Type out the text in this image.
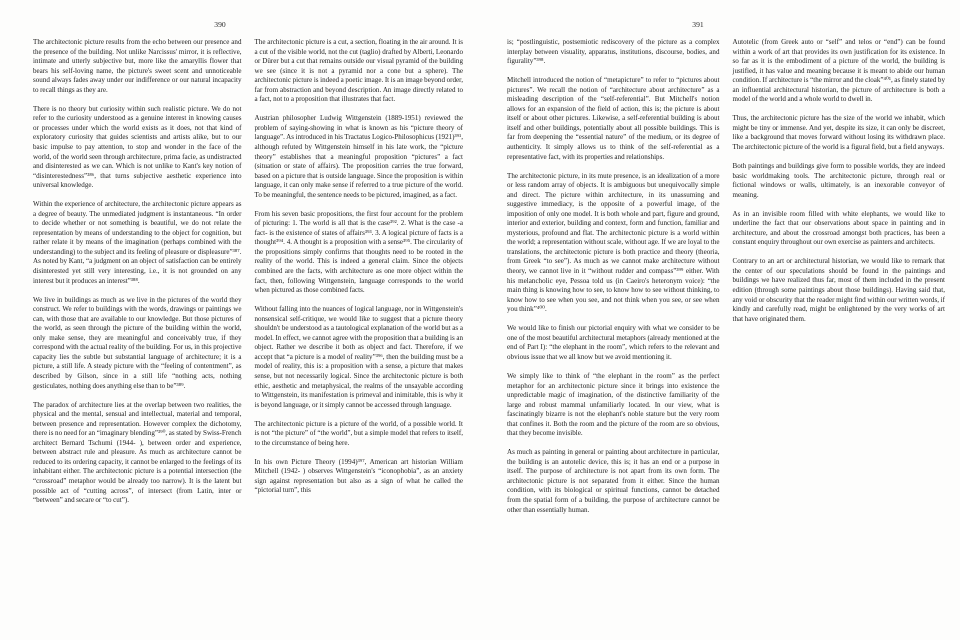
390

The architectonic picture results from the echo between our presence and the presence of the building. Not unlike Narcissus' mirror, it is reflective, intimate and utterly subjective but, more like the amaryllis flower that bears his self-loving name, the picture's sweet scent and unnoticeable sound always fades away under our indifference or our natural incapacity to recall things as they are.

There is no theory but curiosity within such realistic picture. We do not refer to the curiosity understood as a genuine interest in knowing causes or processes under which the world exists as it does, not that kind of exploratory curiosity that guides scientists and artists alike, but to our basic impulse to pay attention, to stop and wonder in the face of the world, of the world seen through architecture, prima facie, as undistracted and disinterested as we can. Which is not unlike to Kant's key notion of “disinterestedness”³⁸⁶, that turns subjective aesthetic experience into universal knowledge.

Within the experience of architecture, the architectonic picture appears as a degree of beauty. The unmediated judgment is instantaneous. “In order to decide whether or not something is beautiful, we do not relate the representation by means of understanding to the object for cognition, but rather relate it by means of the imagination (perhaps combined with the understanding) to the subject and its feeling of pleasure or displeasure”³⁸⁷. As noted by Kant, “a judgment on an object of satisfaction can be entirely disinterested yet still very interesting, i.e., it is not grounded on any interest but it produces an interest”³⁸⁸.

We live in buildings as much as we live in the pictures of the world they construct. We refer to buildings with the words, drawings or paintings we can, with those that are available to our knowledge. But those pictures of the world, as seen through the picture of the building within the world, only make sense, they are meaningful and conceivably true, if they correspond with the actual reality of the building. For us, in this projective capacity lies the subtle but substantial language of architecture; it is a picture, a still life. A steady picture with the “feeling of contentment”, as described by Gilson, since in a still life “nothing acts, nothing gesticulates, nothing does anything else than to be”³⁸⁹.

The paradox of architecture lies at the overlap between two realities, the physical and the mental, sensual and intellectual, material and temporal, between presence and representation. However complex the dichotomy, there is no need for an “imaginary blending”³⁹⁰, as stated by Swiss-French architect Bernard Tschumi (1944- ), between order and experience, between abstract rule and pleasure. As much as architecture cannot be reduced to its ordering capacity, it cannot be enlarged to the feelings of its inhabitant either. The architectonic picture is a potential intersection (the “crossroad” metaphor would be already too narrow). It is the latent but possible act of “cutting across”, of intersect (from Latin, inter or “between” and secare or “to cut”).

The architectonic picture is a cut, a section, floating in the air around. It is a cut of the visible world, not the cut (taglio) drafted by Alberti, Leonardo or Dürer but a cut that remains outside our visual pyramid of the building we see (since it is not a pyramid nor a cone but a sphere). The architectonic picture is indeed a poetic image. It is an image beyond order, far from abstraction and beyond description. An image directly related to a fact, not to a proposition that illustrates that fact.

Austrian philosopher Ludwig Wittgenstein (1889-1951) reviewed the problem of saying-showing in what is known as his “picture theory of language”. As introduced in his Tractatus Logico-Philosophicus (1921)³⁹¹, although refuted by Wittgenstein himself in his late work, the “picture theory” establishes that a meaningful proposition “pictures” a fact (situation or state of affairs). The proposition carries the true forward, based on a picture that is outside language. Since the proposition is within language, it can only make sense if referred to a true picture of the world. To be meaningful, the sentence needs to be pictured, imagined, as a fact.

From his seven basic propositions, the first four account for the problem of picturing: 1. The world is all that is the case³⁹². 2. What is the case -a fact- is the existence of states of affairs³⁹³. 3. A logical picture of facts is a thought³⁹⁴. 4. A thought is a proposition with a sense³⁹⁵. The circularity of the propositions simply confirms that thoughts need to be rooted in the reality of the world. This is indeed a general claim. Since the objects combined are the facts, with architecture as one more object within the fact, then, following Wittgenstein, language corresponds to the world when pictured as those combined facts.

Without falling into the nuances of logical language, nor in Wittgenstein's nonsensical self-critique, we would like to suggest that a picture theory shouldn't be understood as a tautological explanation of the world but as a model. In effect, we cannot agree with the proposition that a building is an object. Rather we describe it both as object and fact. Therefore, if we accept that “a picture is a model of reality”³⁹⁶, then the building must be a model of reality, this is: a proposition with a sense, a picture that makes sense, but not necessarily logical. Since the architectonic picture is both ethic, aesthetic and metaphysical, the realms of the unsayable according to Wittgenstein, its manifestation is primeval and inimitable, this is why it is beyond language, or it simply cannot be accessed through language.

The architectonic picture is a picture of the world, of a possible world. It is not “the picture” of “the world”, but a simple model that refers to itself, to the circumstance of being here.

In his own Picture Theory (1994)³⁹⁷, American art historian William Mitchell (1942- ) observes Wittgenstein's “iconophobia”, as an anxiety sign against representation but also as a sign of what he called the “pictorial turn”, this

391

is; “postlinguistic, postsemiotic rediscovery of the picture as a complex interplay between visuality, apparatus, institutions, discourse, bodies, and figurality”³⁹⁸.

Mitchell introduced the notion of “metapicture” to refer to “pictures about pictures”. We recall the notion of “architecture about architecture” as a misleading description of the “self-referential”. But Mitchell's notion allows for an expansion of the field of action, this is; the picture is about itself or about other pictures. Likewise, a self-referential building is about itself and other buildings, potentially about all possible buildings. This is far from deepening the “essential nature” of the medium, or its degree of authenticity. It simply allows us to think of the self-referential as a representative fact, with its properties and relationships.

The architectonic picture, in its mute presence, is an idealization of a more or less random array of objects. It is ambiguous but unequivocally simple and direct. The picture within architecture, in its unassuming and suggestive immediacy, is the opposite of a powerful image, of the imposition of only one model. It is both whole and part, figure and ground, interior and exterior, building and context, form and function, familiar and mysterious, profound and flat. The architectonic picture is a world within the world; a representation without scale, without age. If we are loyal to the translations, the architectonic picture is both practice and theory (theoria, from Greek “to see”). As much as we cannot make architecture without theory, we cannot live in it “without rudder and compass”³⁹⁹ either. With his melancholic eye, Pessoa told us (in Caeiro's heteronym voice): “the main thing is knowing how to see, to know how to see without thinking, to know how to see when you see, and not think when you see, or see when you think”⁴⁰⁰.

We would like to finish our pictorial enquiry with what we consider to be one of the most beautiful architectural metaphors (already mentioned at the end of Part I): “the elephant in the room”, which refers to the relevant and obvious issue that we all know but we avoid mentioning it.

We simply like to think of “the elephant in the room” as the perfect metaphor for an architectonic picture since it brings into existence the unpredictable magic of imagination, of the distinctive familiarity of the large and robust mammal unfamiliarly located. In our view, what is fascinatingly bizarre is not the elephant's noble stature but the very room that confines it. Both the room and the picture of the room are so obvious, that they become invisible.

As much as painting in general or painting about architecture in particular, the building is an autotelic device, this is; it has an end or a purpose in itself. The purpose of architecture is not apart from its own form. The architectonic picture is not separated from it either. Since the human condition, with its biological or spiritual functions, cannot be detached from the spatial form of a building, the purpose of architecture cannot be other than essentially human.

Autotelic (from Greek auto or “self” and telos or “end”) can be found within a work of art that provides its own justification for its existence. In so far as it is the embodiment of a picture of the world, the building is justified, it has value and meaning because it is meant to abide our human condition. If architecture is “the mirror and the cloak”⁴⁰¹, as finely stated by an influential architectural historian, the picture of architecture is both a model of the world and a whole world to dwell in.

Thus, the architectonic picture has the size of the world we inhabit, which might be tiny or immense. And yet, despite its size, it can only be discreet, like a background that moves forward without losing its withdrawn place. The architectonic picture of the world is a figural field, but a field anyways.

Both paintings and buildings give form to possible worlds, they are indeed basic worldmaking tools. The architectonic picture, through real or fictional windows or walls, ultimately, is an inexorable conveyor of meaning.

As in an invisible room filled with white elephants, we would like to underline the fact that our observations about space in painting and in architecture, and about the crossroad amongst both practices, has been a constant enquiry throughout our own exercise as painters and architects.

Contrary to an art or architectural historian, we would like to remark that the center of our speculations should be found in the paintings and buildings we have realized thus far, most of them included in the present edition (through some paintings about those buildings). Having said that, any void or obscurity that the reader might find within our written words, if kindly and carefully read, might be enlightened by the very works of art that have originated them.
